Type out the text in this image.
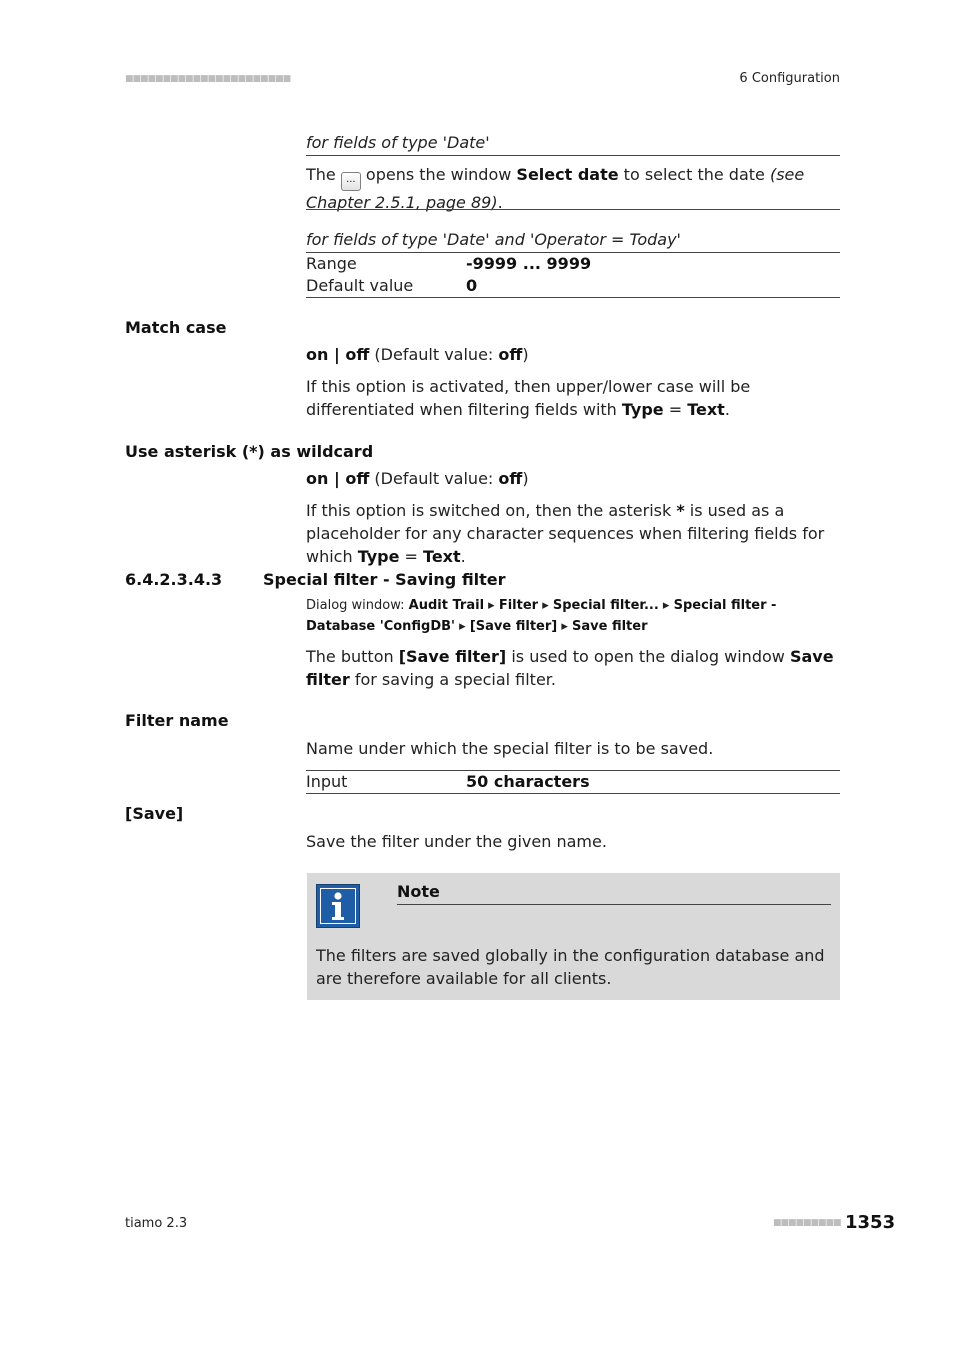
■■■■■■■■■■■■■■■■■■■■■■	6 Configuration
for fields of type 'Date'
The ... opens the window Select date to select the date (see Chapter 2.5.1, page 89).
for fields of type 'Date' and 'Operator = Today'
Range	-9999 ... 9999
Default value	0
Match case
on | off (Default value: off)
If this option is activated, then upper/lower case will be differentiated when filtering fields with Type = Text.
Use asterisk (*) as wildcard
on | off (Default value: off)
If this option is switched on, then the asterisk * is used as a placeholder for any character sequences when filtering fields for which Type = Text.
6.4.2.3.4.3	Special filter - Saving filter
Dialog window: Audit Trail ▸ Filter ▸ Special filter... ▸ Special filter - Database 'ConfigDB' ▸ [Save filter] ▸ Save filter
The button [Save filter] is used to open the dialog window Save filter for saving a special filter.
Filter name
Name under which the special filter is to be saved.
Input	50 characters
[Save]
Save the filter under the given name.
Note
The filters are saved globally in the configuration database and are therefore available for all clients.
tiamo 2.3	■■■■■■■■■ 1353
